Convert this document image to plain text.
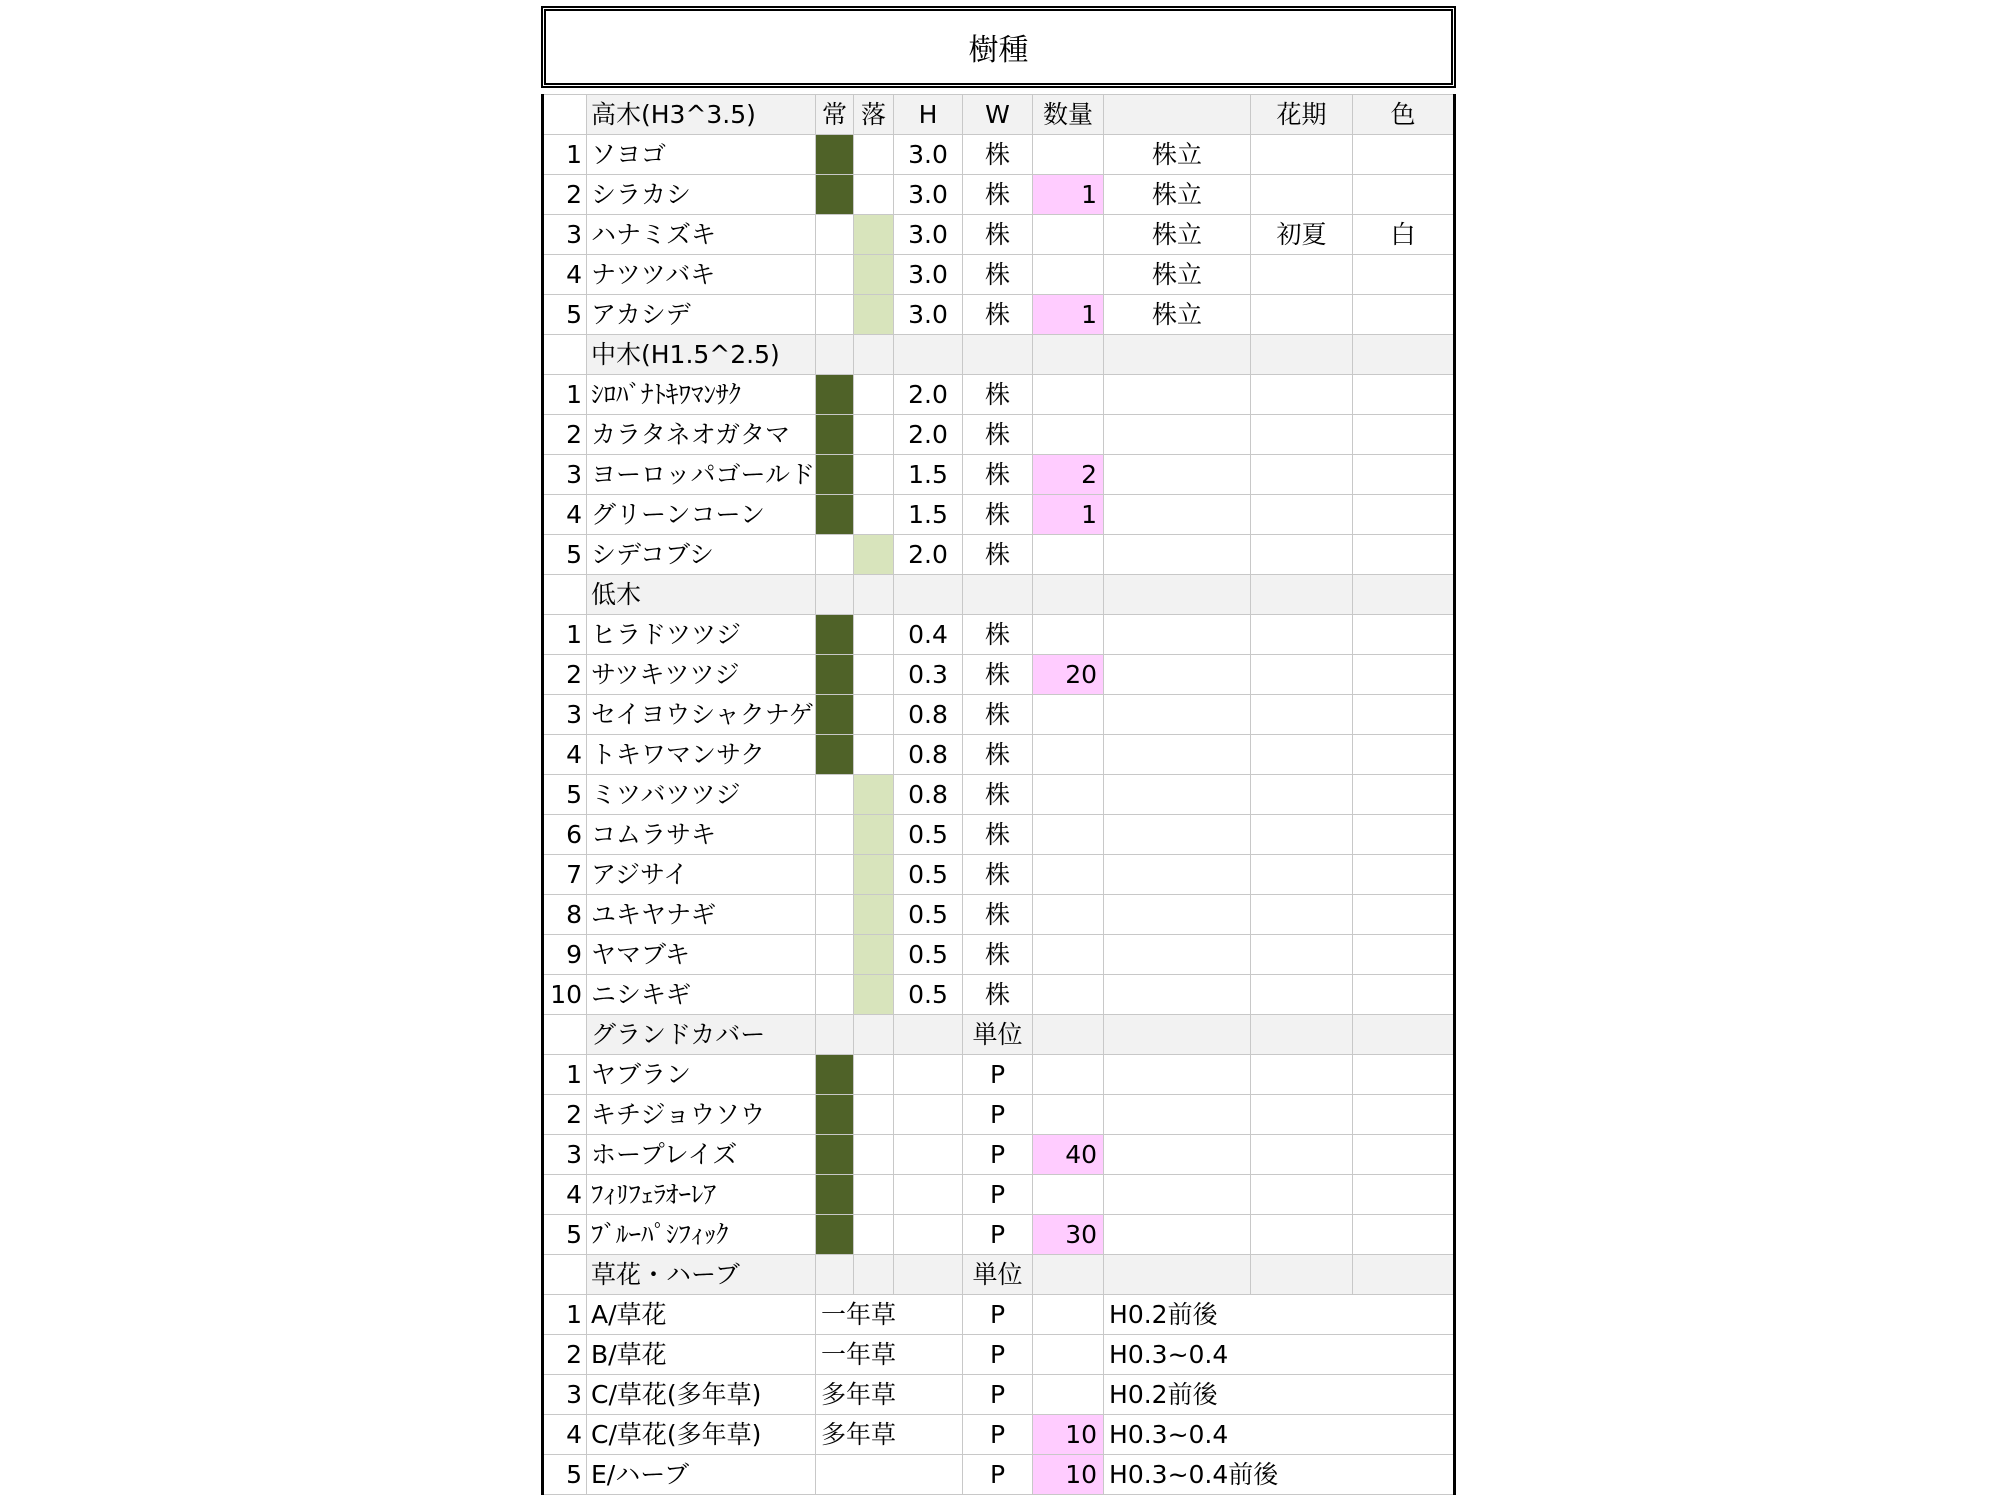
樹種
	高木(H3^3.5)	常	落	H	W	数量		花期	色
1	ソヨゴ			3.0	株		株立		
2	シラカシ			3.0	株	1	株立		
3	ハナミズキ			3.0	株		株立	初夏	白
4	ナツツバキ			3.0	株		株立		
5	アカシデ			3.0	株	1	株立		
	中木(H1.5^2.5)								
1	ｼﾛﾊﾞﾅﾄｷﾜﾏﾝｻｸ			2.0	株				
2	カラタネオガタマ			2.0	株				
3	ヨーロッパゴールド			1.5	株	2			
4	グリーンコーン			1.5	株	1			
5	シデコブシ			2.0	株				
	低木								
1	ヒラドツツジ			0.4	株				
2	サツキツツジ			0.3	株	20			
3	セイヨウシャクナゲ			0.8	株				
4	トキワマンサク			0.8	株				
5	ミツバツツジ			0.8	株				
6	コムラサキ			0.5	株				
7	アジサイ			0.5	株				
8	ユキヤナギ			0.5	株				
9	ヤマブキ			0.5	株				
10	ニシキギ			0.5	株				
	グランドカバー				単位				
1	ヤブラン				P				
2	キチジョウソウ				P				
3	ホープレイズ				P	40			
4	ﾌｨﾘﾌｪﾗｵｰﾚｱ				P				
5	ﾌﾞﾙｰﾊﾟｼﾌｨｯｸ				P	30			
	草花・ハーブ				単位				
1	A/草花	一年草			P		H0.2前後		
2	B/草花	一年草			P		H0.3~0.4		
3	C/草花(多年草)	多年草			P		H0.2前後		
4	C/草花(多年草)	多年草			P	10	H0.3~0.4		
5	E/ハーブ				P	10	H0.3~0.4前後		
